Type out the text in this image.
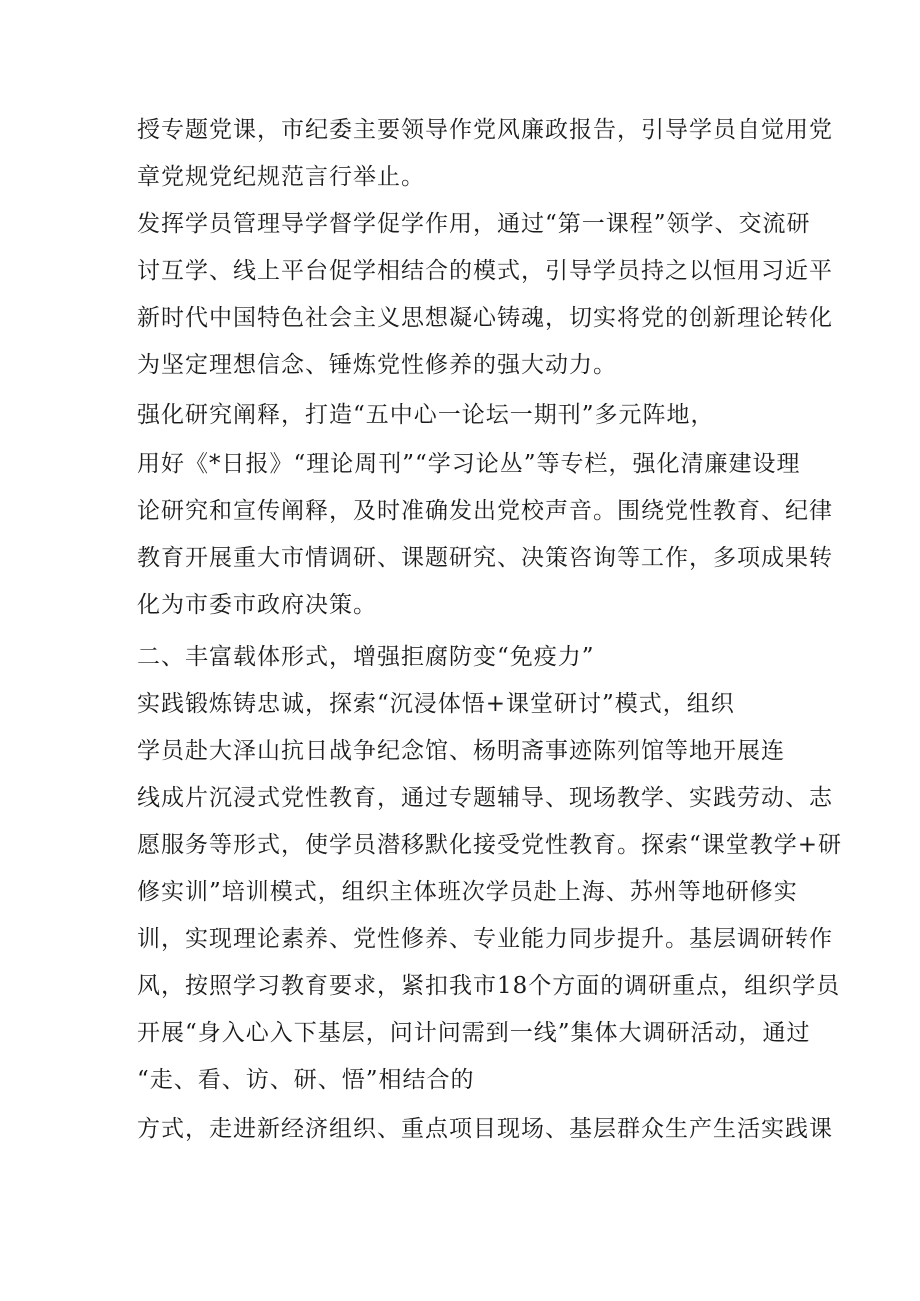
授专题党课，市纪委主要领导作党风廉政报告，引导学员自觉用党
章党规党纪规范言行举止。
发挥学员管理导学督学促学作用，通过“第一课程”领学、交流研
讨互学、线上平台促学相结合的模式，引导学员持之以恒用习近平
新时代中国特色社会主义思想凝心铸魂，切实将党的创新理论转化
为坚定理想信念、锤炼党性修养的强大动力。
强化研究阐释，打造“五中心一论坛一期刊”多元阵地，
用好《*日报》“理论周刊”“学习论丛”等专栏，强化清廉建设理
论研究和宣传阐释，及时准确发出党校声音。围绕党性教育、纪律
教育开展重大市情调研、课题研究、决策咨询等工作，多项成果转
化为市委市政府决策。
二、丰富载体形式，增强拒腐防变“免疫力”
实践锻炼铸忠诚，探索“沉浸体悟+课堂研讨”模式，组织
学员赴大泽山抗日战争纪念馆、杨明斋事迹陈列馆等地开展连
线成片沉浸式党性教育，通过专题辅导、现场教学、实践劳动、志
愿服务等形式，使学员潜移默化接受党性教育。探索“课堂教学+研
修实训”培训模式，组织主体班次学员赴上海、苏州等地研修实
训，实现理论素养、党性修养、专业能力同步提升。基层调研转作
风，按照学习教育要求，紧扣我市18个方面的调研重点，组织学员
开展“身入心入下基层，问计问需到一线”集体大调研活动，通过
“走、看、访、研、悟”相结合的
方式，走进新经济组织、重点项目现场、基层群众生产生活实践课
